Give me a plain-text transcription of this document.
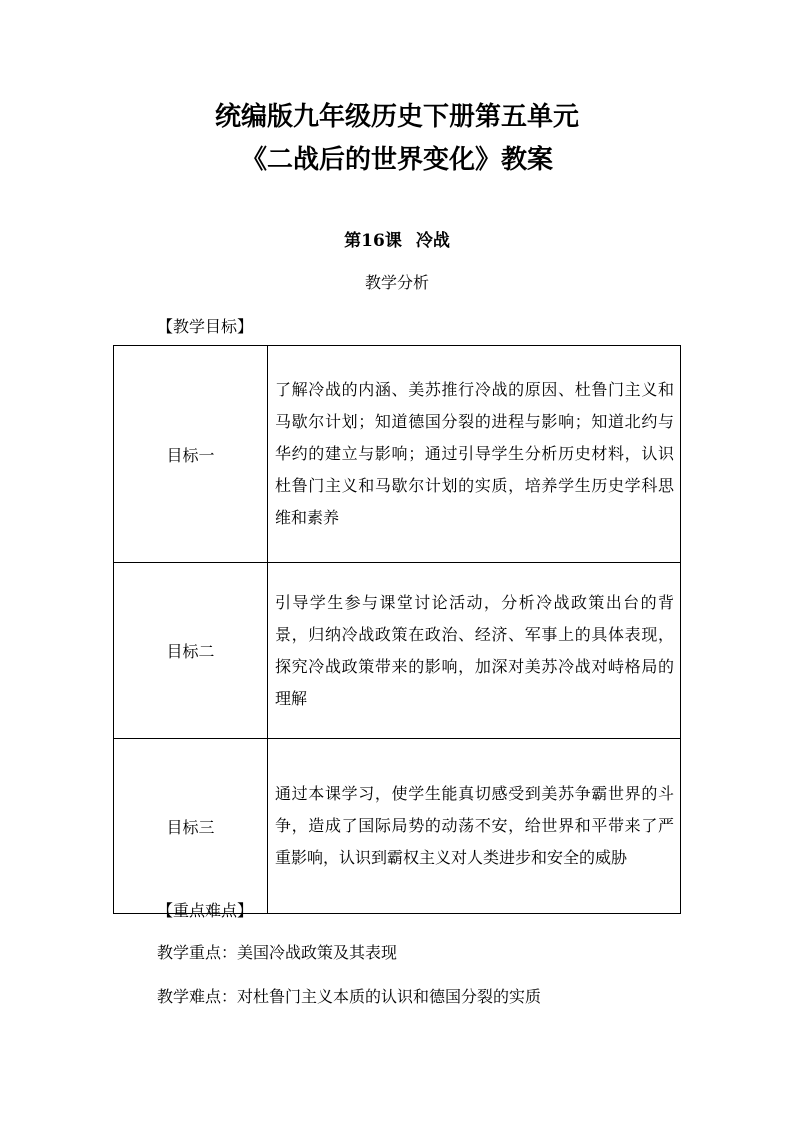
统编版九年级历史下册第五单元
《二战后的世界变化》教案
第16课 冷战
教学分析
【教学目标】
目标一	了解冷战的内涵、美苏推行冷战的原因、杜鲁门主义和马歇尔计划；知道德国分裂的进程与影响；知道北约与华约的建立与影响；通过引导学生分析历史材料，认识杜鲁门主义和马歇尔计划的实质，培养学生历史学科思维和素养
目标二	引导学生参与课堂讨论活动，分析冷战政策出台的背景，归纳冷战政策在政治、经济、军事上的具体表现，探究冷战政策带来的影响，加深对美苏冷战对峙格局的理解
目标三	通过本课学习，使学生能真切感受到美苏争霸世界的斗争，造成了国际局势的动荡不安，给世界和平带来了严重影响，认识到霸权主义对人类进步和安全的威胁
【重点难点】
教学重点：美国冷战政策及其表现
教学难点：对杜鲁门主义本质的认识和德国分裂的实质
